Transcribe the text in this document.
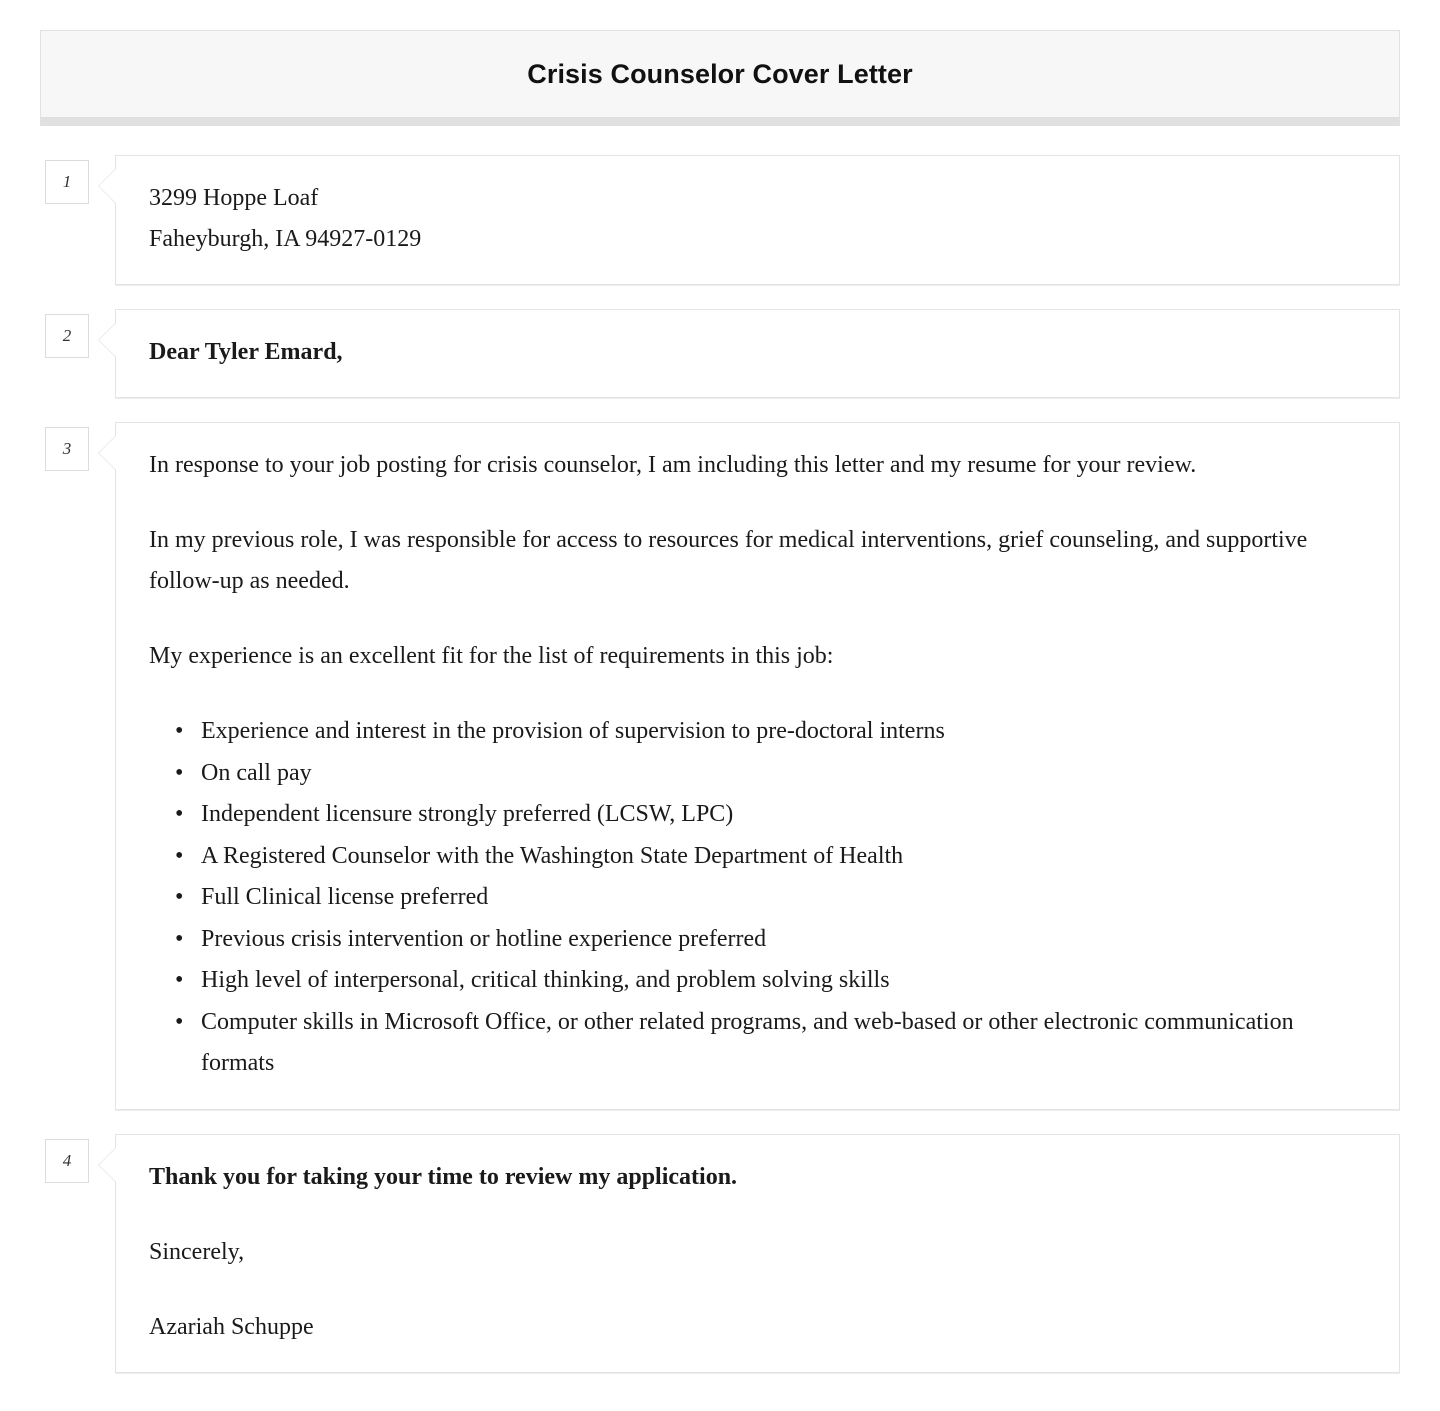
Crisis Counselor Cover Letter
1
3299 Hoppe Loaf
Faheyburgh, IA 94927-0129
2
Dear Tyler Emard,
3

In response to your job posting for crisis counselor, I am including this letter and my resume for your review.

In my previous role, I was responsible for access to resources for medical interventions, grief counseling, and supportive follow-up as needed.

My experience is an excellent fit for the list of requirements in this job:

• Experience and interest in the provision of supervision to pre-doctoral interns
• On call pay
• Independent licensure strongly preferred (LCSW, LPC)
• A Registered Counselor with the Washington State Department of Health
• Full Clinical license preferred
• Previous crisis intervention or hotline experience preferred
• High level of interpersonal, critical thinking, and problem solving skills
• Computer skills in Microsoft Office, or other related programs, and web-based or other electronic communication formats
4

Thank you for taking your time to review my application.

Sincerely,

Azariah Schuppe
